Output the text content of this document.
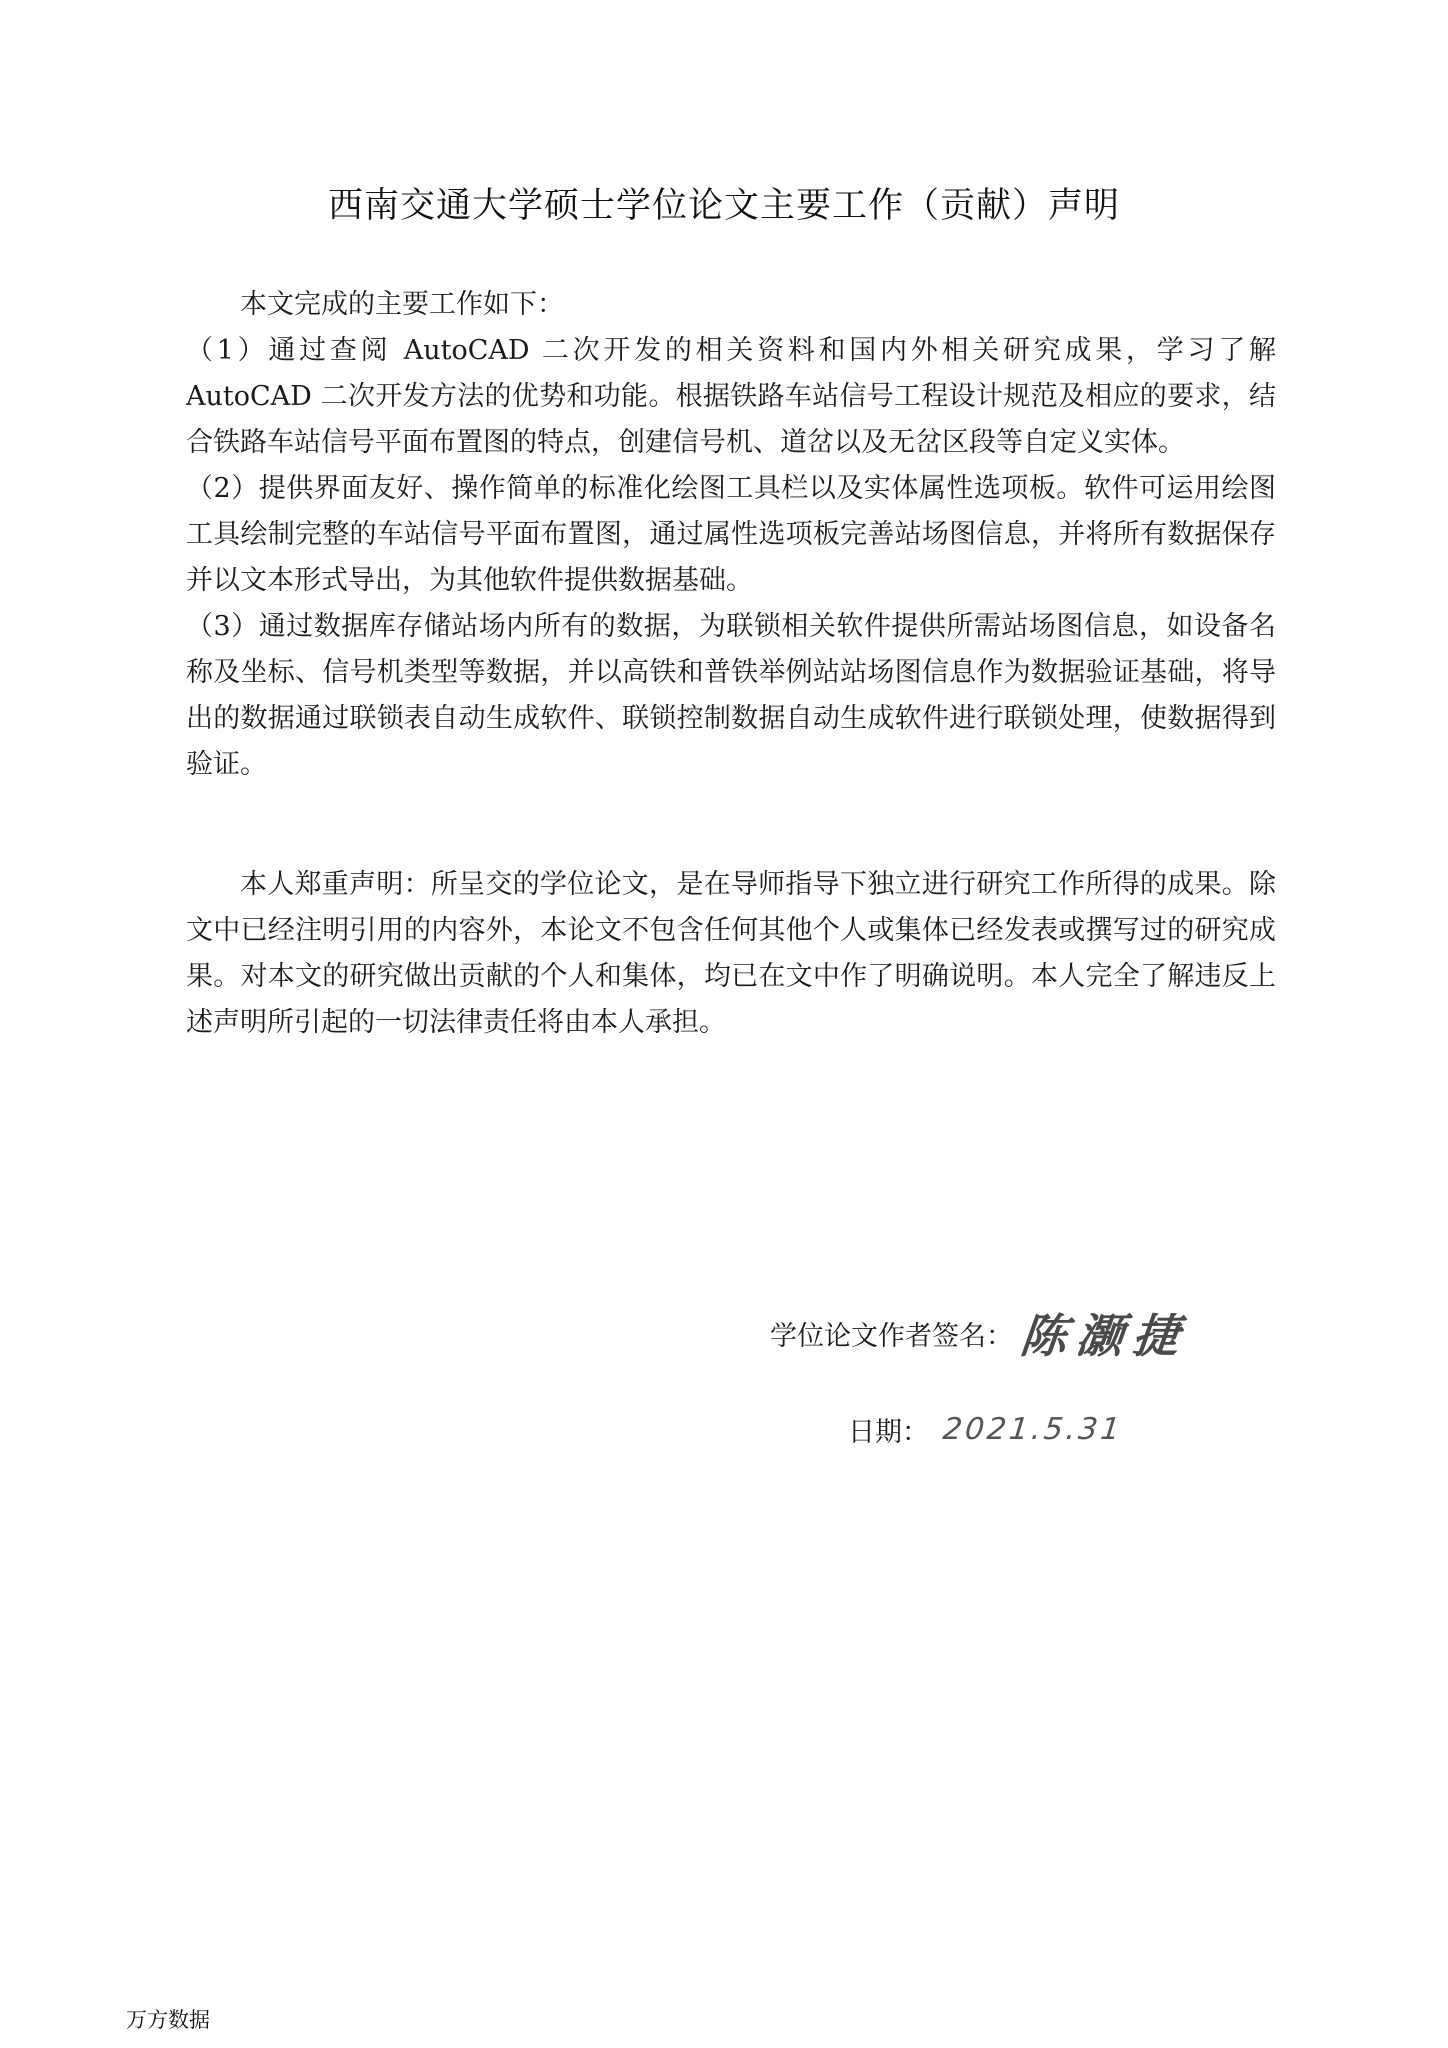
西南交通大学硕士学位论文主要工作（贡献）声明

本文完成的主要工作如下：

（1）通过查阅 AutoCAD 二次开发的相关资料和国内外相关研究成果，学习了解 AutoCAD 二次开发方法的优势和功能。根据铁路车站信号工程设计规范及相应的要求，结合铁路车站信号平面布置图的特点，创建信号机、道岔以及无岔区段等自定义实体。

（2）提供界面友好、操作简单的标准化绘图工具栏以及实体属性选项板。软件可运用绘图工具绘制完整的车站信号平面布置图，通过属性选项板完善站场图信息，并将所有数据保存并以文本形式导出，为其他软件提供数据基础。

（3）通过数据库存储站场内所有的数据，为联锁相关软件提供所需站场图信息，如设备名称及坐标、信号机类型等数据，并以高铁和普铁举例站站场图信息作为数据验证基础，将导出的数据通过联锁表自动生成软件、联锁控制数据自动生成软件进行联锁处理，使数据得到验证。

本人郑重声明：所呈交的学位论文，是在导师指导下独立进行研究工作所得的成果。除文中已经注明引用的内容外，本论文不包含任何其他个人或集体已经发表或撰写过的研究成果。对本文的研究做出贡献的个人和集体，均已在文中作了明确说明。本人完全了解违反上述声明所引起的一切法律责任将由本人承担。

学位论文作者签名： 陈灏捷
日期： 2021.5.31
万方数据
